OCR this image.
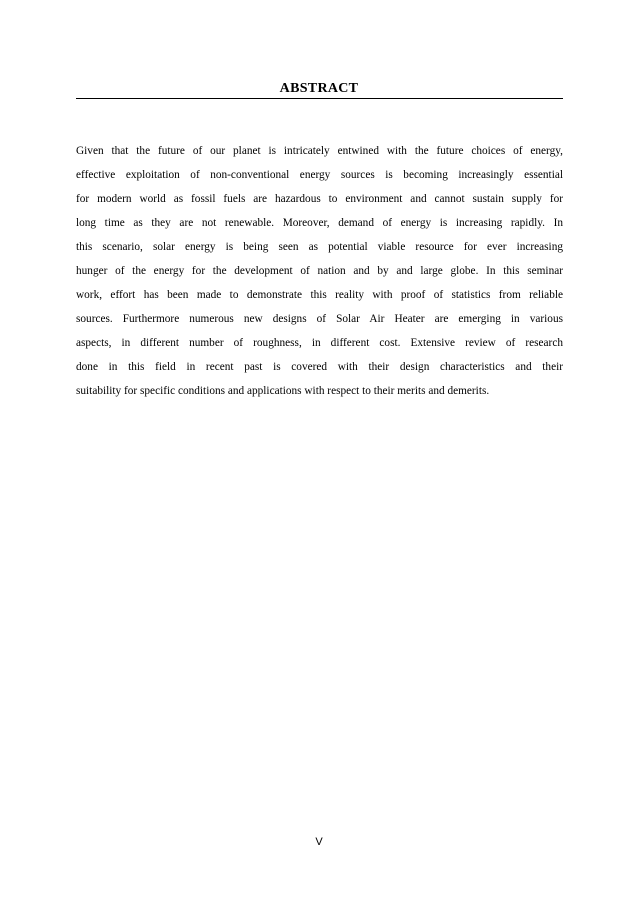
ABSTRACT
Given that the future of our planet is intricately entwined with the future choices of energy,
effective exploitation of non-conventional energy sources is becoming increasingly essential
for modern world as fossil fuels are hazardous to environment and cannot sustain supply for
long time as they are not renewable. Moreover, demand of energy is increasing rapidly. In
this scenario, solar energy is being seen as potential viable resource for ever increasing
hunger of the energy for the development of nation and by and large globe. In this seminar
work, effort has been made to demonstrate this reality with proof of statistics from reliable
sources. Furthermore numerous new designs of Solar Air Heater are emerging in various
aspects, in different number of roughness, in different cost. Extensive review of research
done in this field in recent past is covered with their design characteristics and their
suitability for specific conditions and applications with respect to their merits and demerits.
V
